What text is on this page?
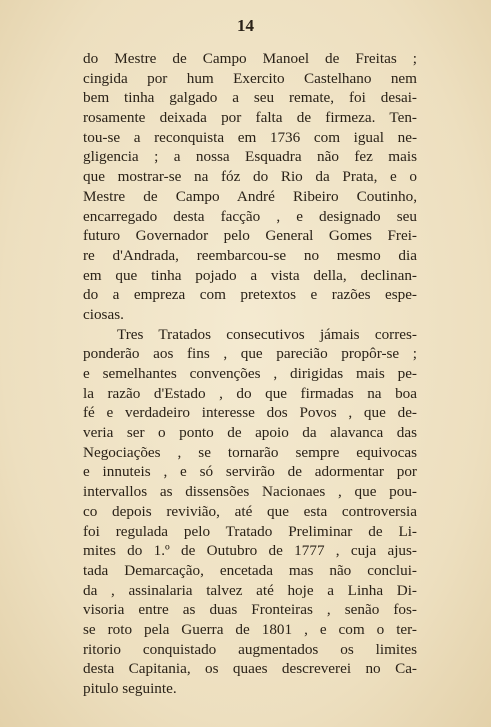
14
do Mestre de Campo Manoel de Freitas ;
cingida por hum Exercito Castelhano nem
bem tinha galgado a seu remate, foi desai-
rosamente deixada por falta de firmeza. Ten-
tou-se a reconquista em 1736 com igual ne-
gligencia ; a nossa Esquadra não fez mais
que mostrar-se na fóz do Rio da Prata, e o
Mestre de Campo André Ribeiro Coutinho,
encarregado desta facção , e designado seu
futuro Governador pelo General Gomes Frei-
re d'Andrada, reembarcou-se no mesmo dia
em que tinha pojado a vista della, declinan-
do a empreza com pretextos e razões espe-
ciosas.
Tres Tratados consecutivos jámais corres-
ponderão aos fins , que parecião propôr-se ;
e semelhantes convenções , dirigidas mais pe-
la razão d'Estado , do que firmadas na boa
fé e verdadeiro interesse dos Povos , que de-
veria ser o ponto de apoio da alavanca das
Negociações , se tornarão sempre equivocas
e innuteis , e só servirão de adormentar por
intervallos as dissensões Nacionaes , que pou-
co depois revivião, até que esta controversia
foi regulada pelo Tratado Preliminar de Li-
mites do 1.º de Outubro de 1777 , cuja ajus-
tada Demarcação, encetada mas não conclui-
da , assinalaria talvez até hoje a Linha Di-
visoria entre as duas Fronteiras , senão fos-
se roto pela Guerra de 1801 , e com o ter-
ritorio conquistado augmentados os limites
desta Capitania, os quaes descreverei no Ca-
pitulo seguinte.
